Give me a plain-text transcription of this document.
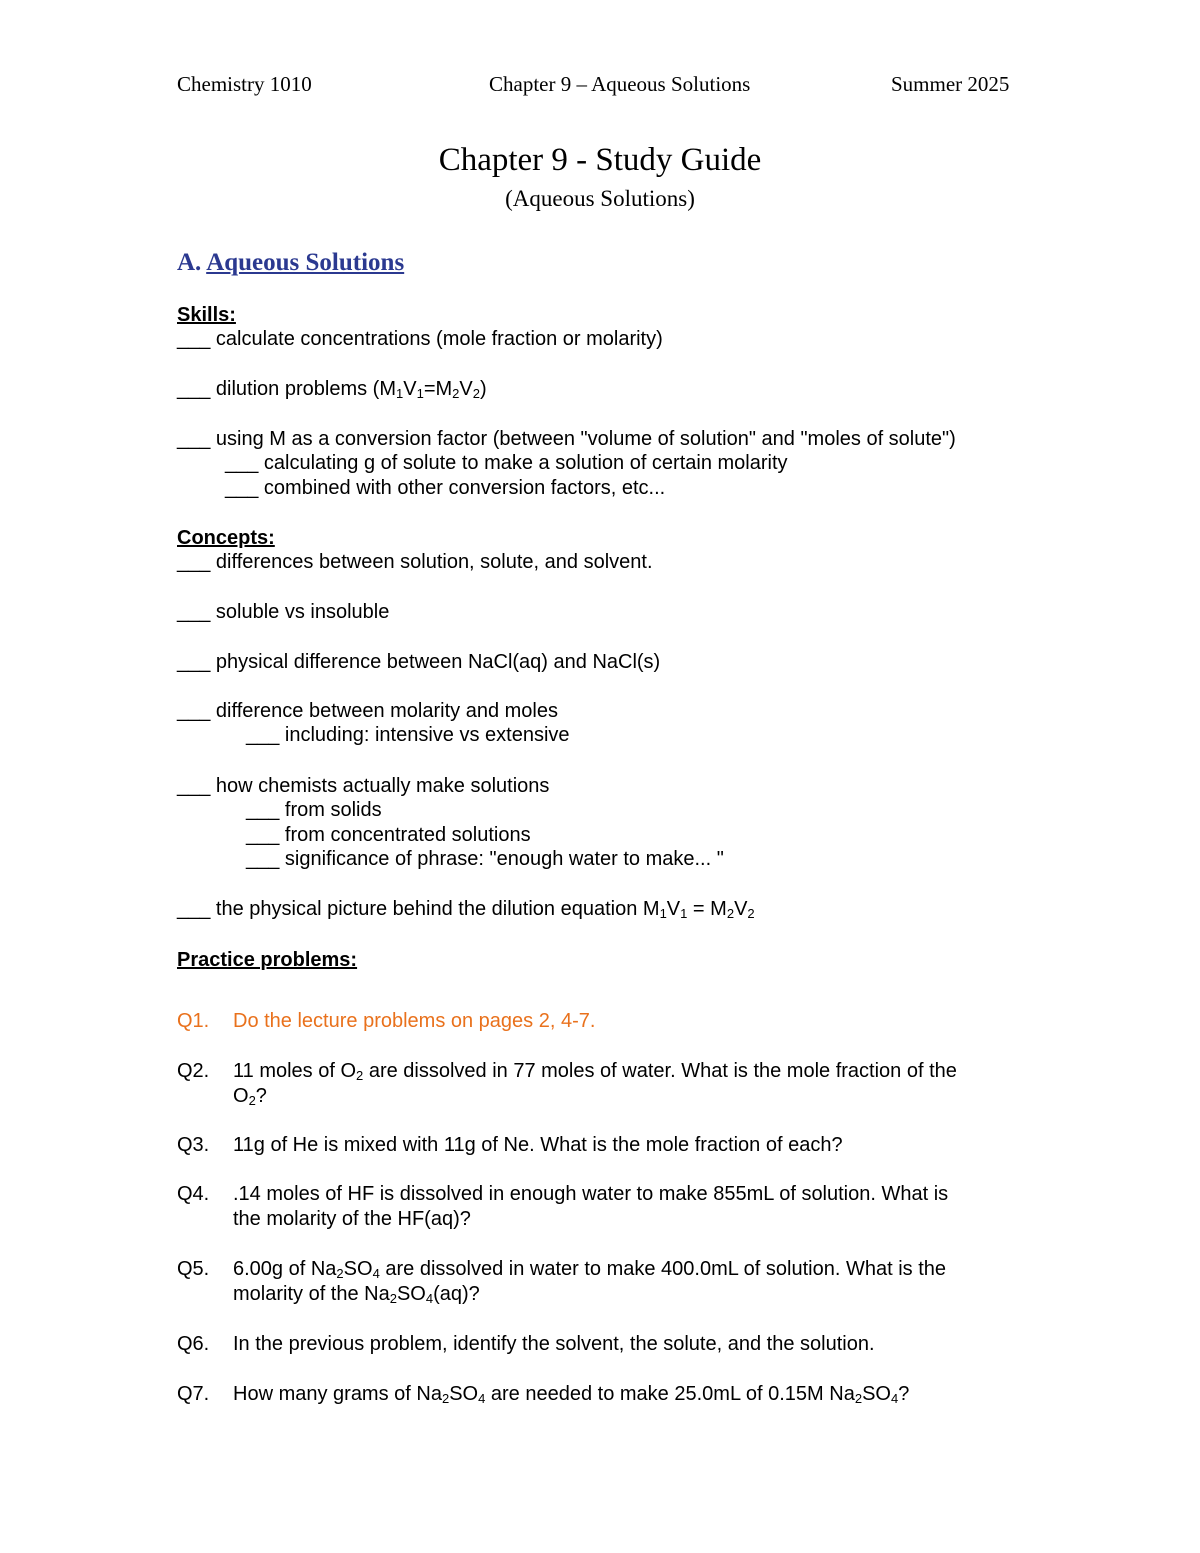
Chemistry 1010	Chapter 9 – Aqueous Solutions	Summer 2025
Chapter 9 - Study Guide
(Aqueous Solutions)
A. Aqueous Solutions
Skills:
___ calculate concentrations (mole fraction or molarity)
___ dilution problems $(M_1V_1=M_2V_2)$
___ using M as a conversion factor (between "volume of solution" and "moles of solute")
___ calculating g of solute to make a solution of certain molarity
___ combined with other conversion factors, etc...
Concepts:
___ differences between solution, solute, and solvent.
___ soluble vs insoluble
___ physical difference between NaCl(aq) and NaCl(s)
___ difference between molarity and moles
___ including: intensive vs extensive
___ how chemists actually make solutions
___ from solids
___ from concentrated solutions
___ significance of phrase: "enough water to make... "
___ the physical picture behind the dilution equation $M_1V_1 = M_2V_2$
Practice problems:
Q1. Do the lecture problems on pages 2, 4-7.
Q2. 11 moles of $O_2$ are dissolved in 77 moles of water. What is the mole fraction of the
$O_2$?
Q3. 11g of He is mixed with 11g of Ne. What is the mole fraction of each?
Q4. .14 moles of HF is dissolved in enough water to make 855mL of solution. What is
the molarity of the HF(aq)?
Q5. 6.00g of $Na_2SO_4$ are dissolved in water to make 400.0mL of solution. What is the
molarity of the $Na_2SO_4(aq)$?
Q6. In the previous problem, identify the solvent, the solute, and the solution.
Q7. How many grams of $Na_2SO_4$ are needed to make 25.0mL of 0.15M $Na_2SO_4$?
